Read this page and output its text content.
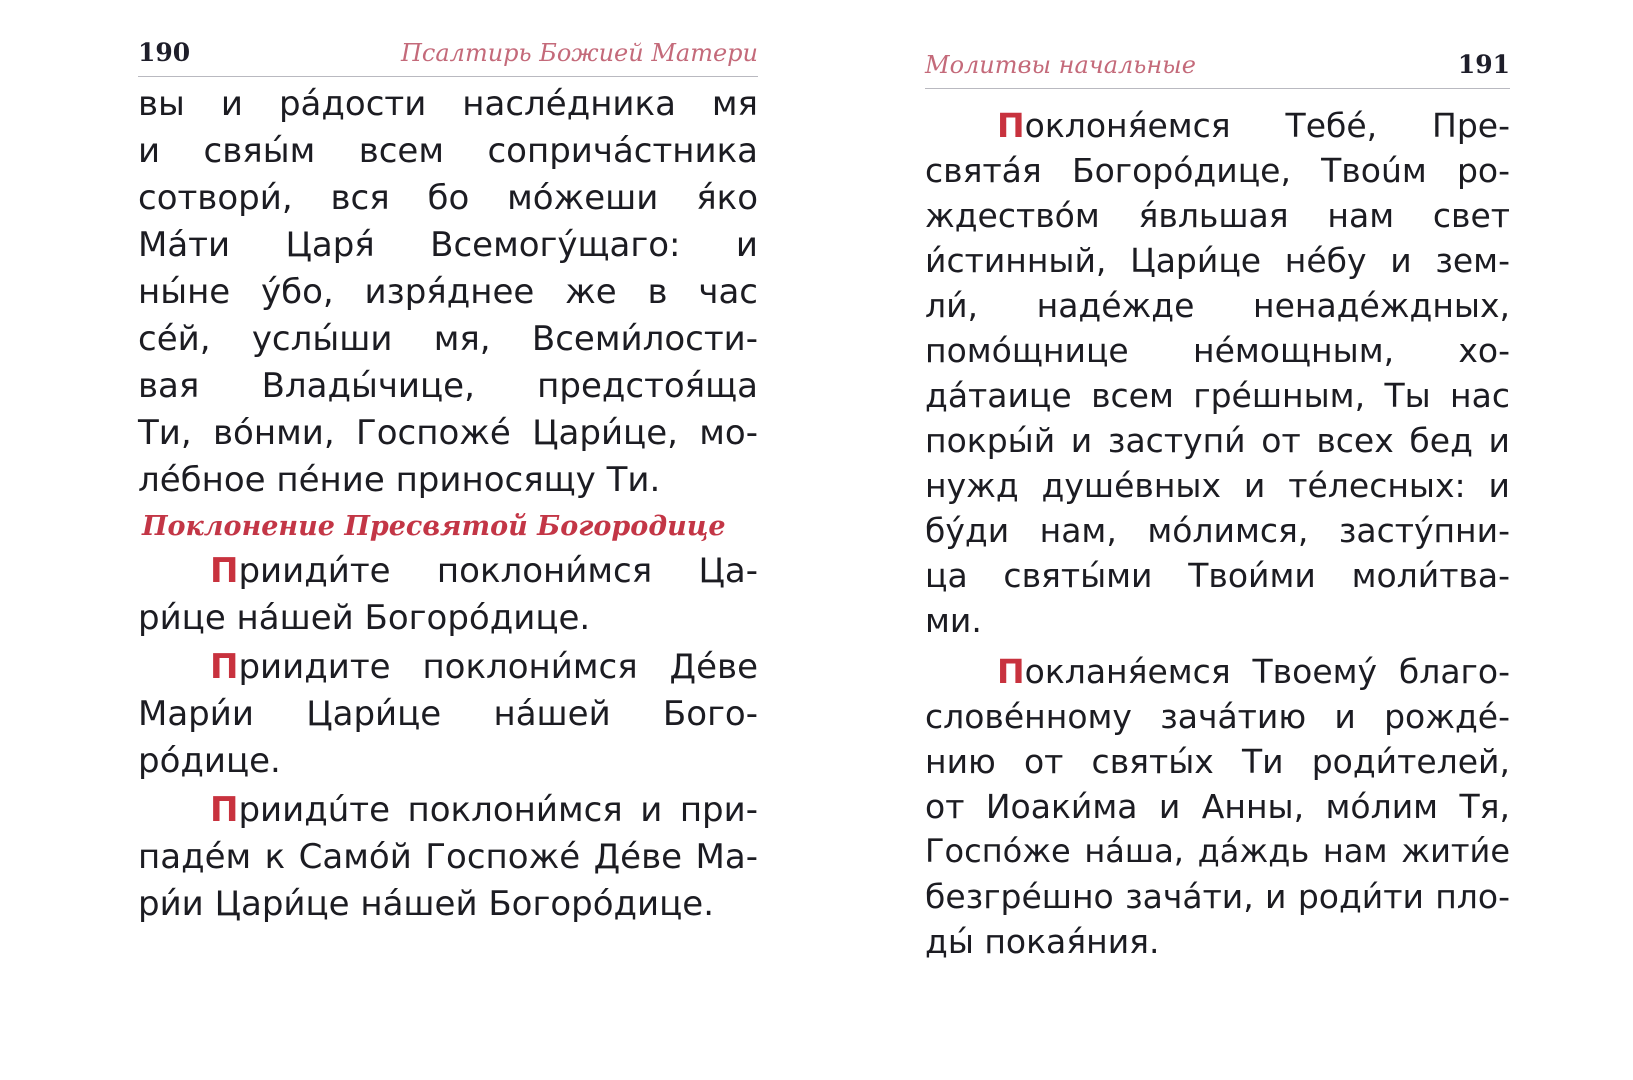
190	Псалтирь Божией Матери
вы и ра́дости насле́дника мя
и свяы́м всем сопричáстника
сотвори́, вся бо мóжеши я́ко
Мáти Царя́ Всемогу́щаго: и
ны́не у́бо, изря́днее же в час
се́й, услы́ши мя, Всеми́лости-
вая Влады́чице, предстоя́ща
Ти, вóнми, Госпоже́ Цари́це, мо-
ле́бное пе́ние приносящу Ти.
Поклонение Пресвятой Богородице
Прииди́те поклони́мся Ца-
ри́це нáшей Богорóдице.
Приидите поклони́мся Де́ве
Мари́и Цари́це нáшей Бого-
рóдице.
Приидúте поклони́мся и при-
паде́м к Самóй Госпоже́ Де́ве Ма-
ри́и Цари́це нáшей Богорóдице.
Молитвы начальные	191
Поклоня́емся Тебе́, Пре-
святáя Богорóдице, Твоúм ро-
ждествóм я́вльшая нам свет
и́стинный, Цари́це не́бу и зем-
ли́, наде́жде ненаде́ждных,
помóщнице не́мощным, хо-
дáтаице всем гре́шным, Ты нас
покры́й и заступи́ от всех бед и
нужд душе́вных и те́лесных: и
бу́ди нам, мóлимся, засту́пни-
ца святы́ми Твои́ми моли́тва-
ми.
Покланя́емся Твоему́ благо-
слове́нному зачáтию и рожде́-
нию от святы́х Ти роди́телей,
от Иоаки́ма и Анны, мóлим Тя,
Госпóже нáша, дáждь нам жити́е
безгре́шно зачáти, и роди́ти пло-
ды́ покая́ния.
